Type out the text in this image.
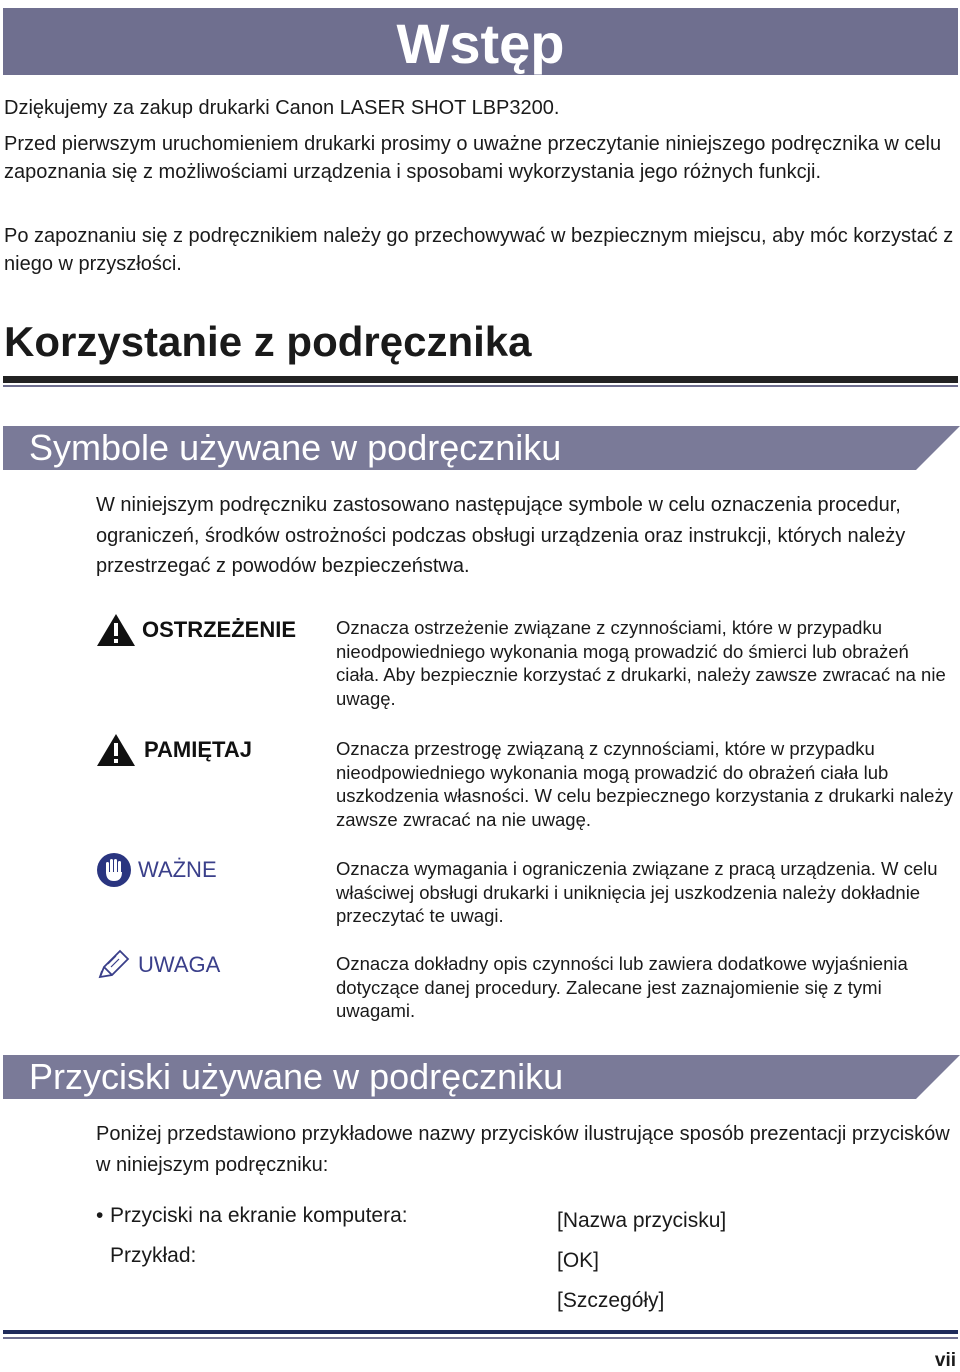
Wstęp

Dziękujemy za zakup drukarki Canon LASER SHOT LBP3200.

Przed pierwszym uruchomieniem drukarki prosimy o uważne przeczytanie niniejszego podręcznika w celu zapoznania się z możliwościami urządzenia i sposobami wykorzystania jego różnych funkcji.

Po zapoznaniu się z podręcznikiem należy go przechowywać w bezpiecznym miejscu, aby móc korzystać z niego w przyszłości.

Korzystanie z podręcznika
Symbole używane w podręczniku

W niniejszym podręczniku zastosowano następujące symbole w celu oznaczenia procedur, ograniczeń, środków ostrożności podczas obsługi urządzenia oraz instrukcji, których należy przestrzegać z powodów bezpieczeństwa.

OSTRZEŻENIE Oznacza ostrzeżenie związane z czynnościami, które w przypadku nieodpowiedniego wykonania mogą prowadzić do śmierci lub obrażeń ciała. Aby bezpiecznie korzystać z drukarki, należy zawsze zwracać na nie uwagę.

PAMIĘTAJ	Oznacza przestrogę związaną z czynnościami, które w przypadku nieodpowiedniego wykonania mogą prowadzić do obrażeń ciała lub uszkodzenia własności. W celu bezpiecznego korzystania z drukarki należy zawsze zwracać na nie uwagę.

WAŻNE	Oznacza wymagania i ograniczenia związane z pracą urządzenia. W celu właściwej obsługi drukarki i uniknięcia jej uszkodzenia należy dokładnie przeczytać te uwagi.

UWAGA	Oznacza dokładny opis czynności lub zawiera dodatkowe wyjaśnienia dotyczące danej procedury. Zalecane jest zaznajomienie się z tymi uwagami.

Przyciski używane w podręczniku

Poniżej przedstawiono przykładowe nazwy przycisków ilustrujące sposób prezentacji przycisków w niniejszym podręczniku:

• Przyciski na ekranie komputera:
Przykład:
[Nazwa przycisku]
[OK]
[Szczegóły]
vii
